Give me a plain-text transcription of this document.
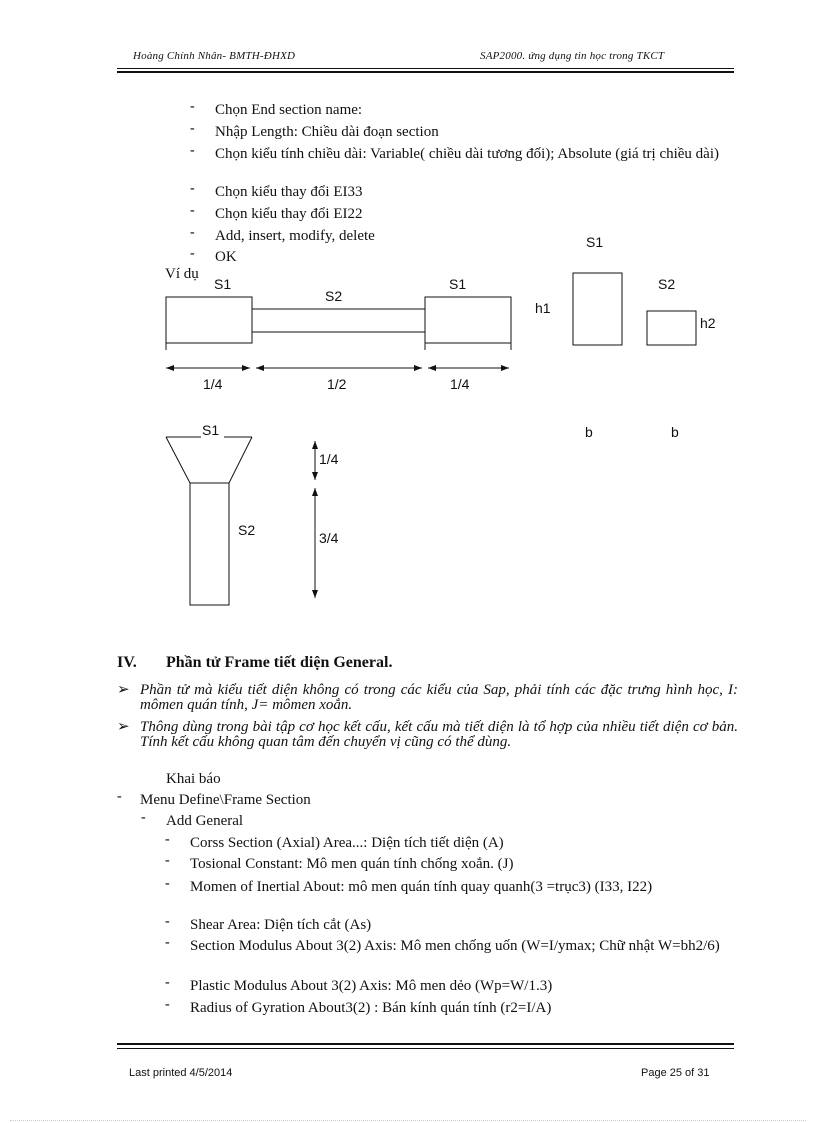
Hoàng Chính Nhân- BMTH-ĐHXD	SAP2000. ứng dụng tin học trong TKCT
- Chọn End section name:
- Nhập Length: Chiều dài đoạn section
- Chọn kiểu tính chiều dài: Variable( chiều dài tương đối); Absolute (giá trị chiều dài)
- Chọn kiểu thay đổi EI33
- Chọn kiểu thay đổi EI22
- Add, insert, modify, delete
- OK
Ví dụ
S1
S2
S1
1/4	1/2	1/4
S1
S2
h1
h2
b	b
S1
S2
1/4
3/4
IV. Phần tử Frame tiết diện General.
➢ Phần tử mà kiểu tiết diện không có trong các kiểu của Sap, phải tính các đặc trưng hình học, I: mômen quán tính, J= mômen xoắn.
➢ Thông dùng trong bài tập cơ học kết cấu, kết cấu mà tiết diện là tổ hợp của nhiều tiết diện cơ bản. Tính kết cấu không quan tâm đến chuyển vị cũng có thể dùng.
Khai báo
- Menu Define\Frame Section
- Add General
- Corss Section (Axial) Area...: Diện tích tiết diện (A)
- Tosional Constant: Mô men quán tính chống xoắn. (J)
- Momen of Inertial About: mô men quán tính quay quanh(3 =trục3) (I33, I22)
- Shear Area: Diện tích cắt (As)
- Section Modulus About 3(2) Axis: Mô men chống uốn (W=I/ymax; Chữ nhật W=bh2/6)
- Plastic Modulus About 3(2) Axis: Mô men dẻo (Wp=W/1.3)
- Radius of Gyration About3(2) : Bán kính quán tính (r2=I/A)
Last printed 4/5/2014	Page 25 of 31
